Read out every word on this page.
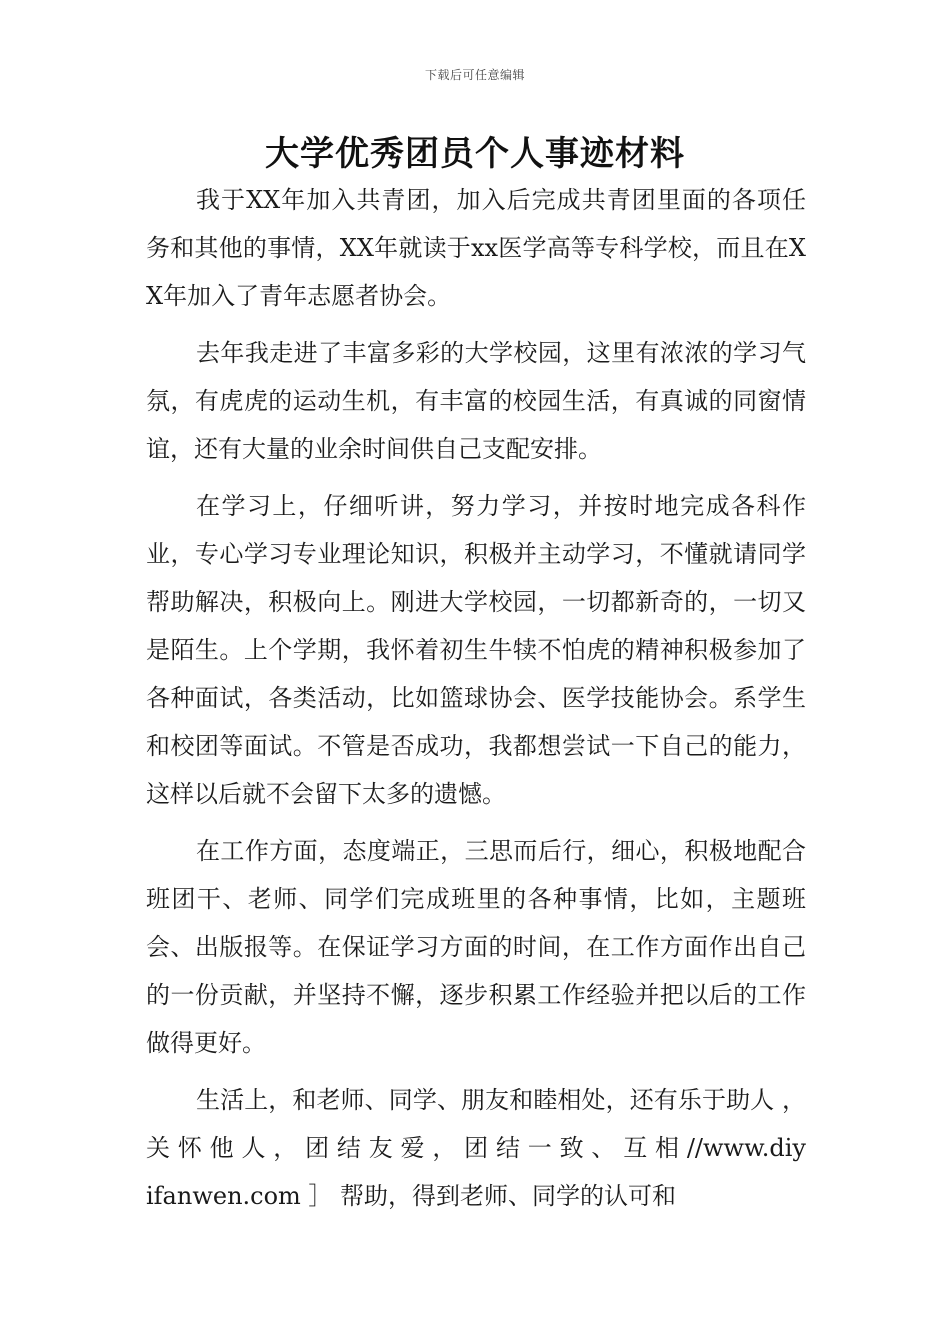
下载后可任意编辑
大学优秀团员个人事迹材料

我于XX年加入共青团，加入后完成共青团里面的各项任务和其他的事情，XX年就读于xx医学高等专科学校，而且在XX年加入了青年志愿者协会。

去年我走进了丰富多彩的大学校园，这里有浓浓的学习气氛，有虎虎的运动生机，有丰富的校园生活，有真诚的同窗情谊，还有大量的业余时间供自己支配安排。

在学习上，仔细听讲，努力学习，并按时地完成各科作业，专心学习专业理论知识，积极并主动学习，不懂就请同学帮助解决，积极向上。刚进大学校园，一切都新奇的，一切又是陌生。上个学期，我怀着初生牛犊不怕虎的精神积极参加了各种面试，各类活动，比如篮球协会、医学技能协会。系学生和校团等面试。不管是否成功，我都想尝试一下自己的能力，这样以后就不会留下太多的遗憾。

在工作方面，态度端正，三思而后行，细心，积极地配合班团干、老师、同学们完成班里的各种事情，比如，主题班会、出版报等。在保证学习方面的时间，在工作方面作出自己的一份贡献，并坚持不懈，逐步积累工作经验并把以后的工作做得更好。

生活上，和老师、同学、朋友和睦相处，还有乐于助人 ， 关 怀 他 人 ， 团 结 友 爱 ， 团 结 一 致 、 互 相 //www.diyifanwen.com ］ 帮助，得到老师、同学的认可和
